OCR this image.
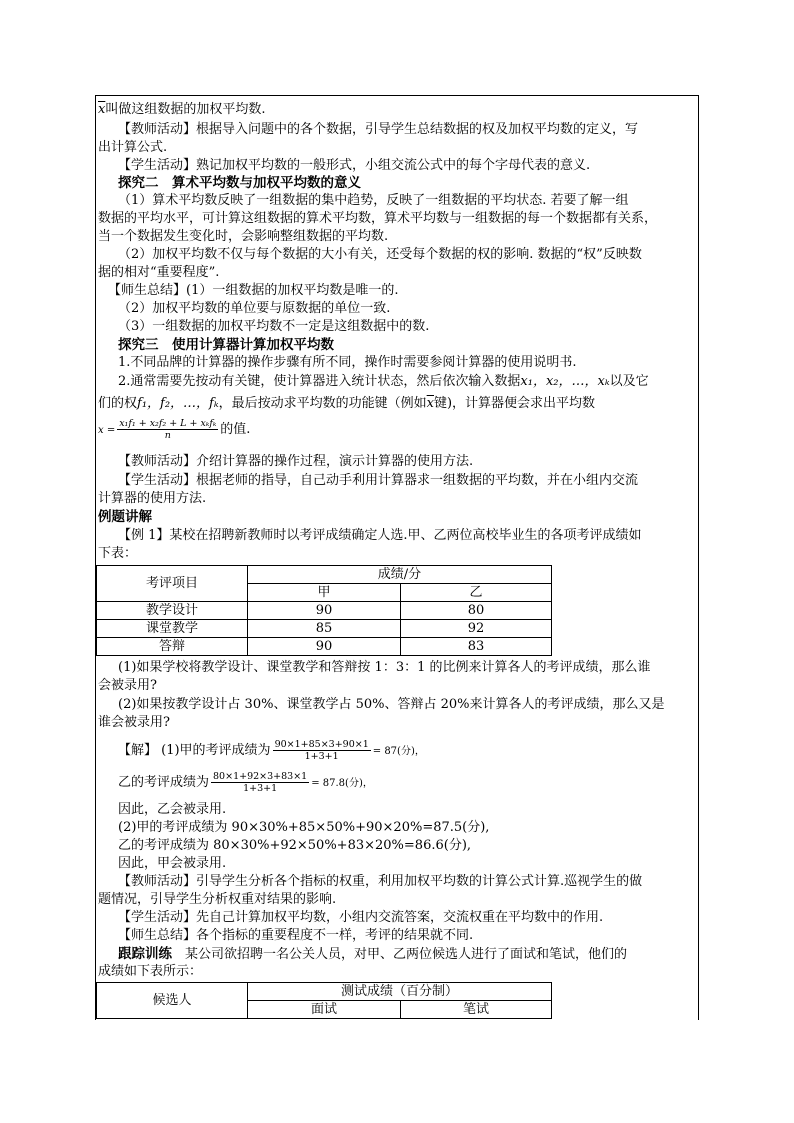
$\overline{x}$叫做这组数据的加权平均数.
【教师活动】根据导入问题中的各个数据，引导学生总结数据的权及加权平均数的定义，写
出计算公式.
【学生活动】熟记加权平均数的一般形式，小组交流公式中的每个字母代表的意义.
探究二　算术平均数与加权平均数的意义
（1）算术平均数反映了一组数据的集中趋势，反映了一组数据的平均状态. 若要了解一组
数据的平均水平，可计算这组数据的算术平均数，算术平均数与一组数据的每一个数据都有关系，
当一个数据发生变化时，会影响整组数据的平均数.
（2）加权平均数不仅与每个数据的大小有关，还受每个数据的权的影响. 数据的“权”反映数
据的相对“重要程度”.
【师生总结】(1）一组数据的加权平均数是唯一的.
（2）加权平均数的单位要与原数据的单位一致.
（3）一组数据的加权平均数不一定是这组数据中的数.
探究三　使用计算器计算加权平均数
1.不同品牌的计算器的操作步骤有所不同，操作时需要参阅计算器的使用说明书.
2.通常需要先按动有关键，使计算器进入统计状态，然后依次输入数据x₁，x₂，…，xₖ以及它
们的权f₁，f₂，…，fₖ，最后按动求平均数的功能键（例如$\overline{x}$键)，计算器便会求出平均数
$x = \frac{\text{x₁f₁ + x₂f₂ + L + xₖfₖ}}{n}$ 的值.
【教师活动】介绍计算器的操作过程，演示计算器的使用方法.
【学生活动】根据老师的指导，自己动手利用计算器求一组数据的平均数，并在小组内交流
计算器的使用方法.
例题讲解
【例 1】某校在招聘新教师时以考评成绩确定人选.甲、乙两位高校毕业生的各项考评成绩如
下表：
考评项目	成绩/分	
	甲	乙
教学设计	90	80
课堂教学	85	92
答辩	90	83
(1)如果学校将教学设计、课堂教学和答辩按 1：3：1 的比例来计算各人的考评成绩，那么谁
会被录用?
(2)如果按教学设计占 30%、课堂教学占 50%、答辩占 20%来计算各人的考评成绩，那么又是
谁会被录用?
【解】 (1)甲的考评成绩为 $\frac{90\times 1+85\times 3+90\times 1}{1+3+1} = 87$(分)，
乙的考评成绩为 $\frac{80\times 1+92\times 3+83\times 1}{1+3+1} = 87.8$(分)，
因此，乙会被录用.
(2)甲的考评成绩为 90×30%+85×50%+90×20%=87.5(分),
乙的考评成绩为 80×30%+92×50%+83×20%=86.6(分),
因此，甲会被录用.
【教师活动】引导学生分析各个指标的权重，利用加权平均数的计算公式计算.巡视学生的做
题情况，引导学生分析权重对结果的影响.
【学生活动】先自己计算加权平均数，小组内交流答案，交流权重在平均数中的作用.
【师生总结】各个指标的重要程度不一样，考评的结果就不同.
跟踪训练　某公司欲招聘一名公关人员，对甲、乙两位候选人进行了面试和笔试，他们的
成绩如下表所示：
候选人	测试成绩（百分制）	
	面试	笔试
